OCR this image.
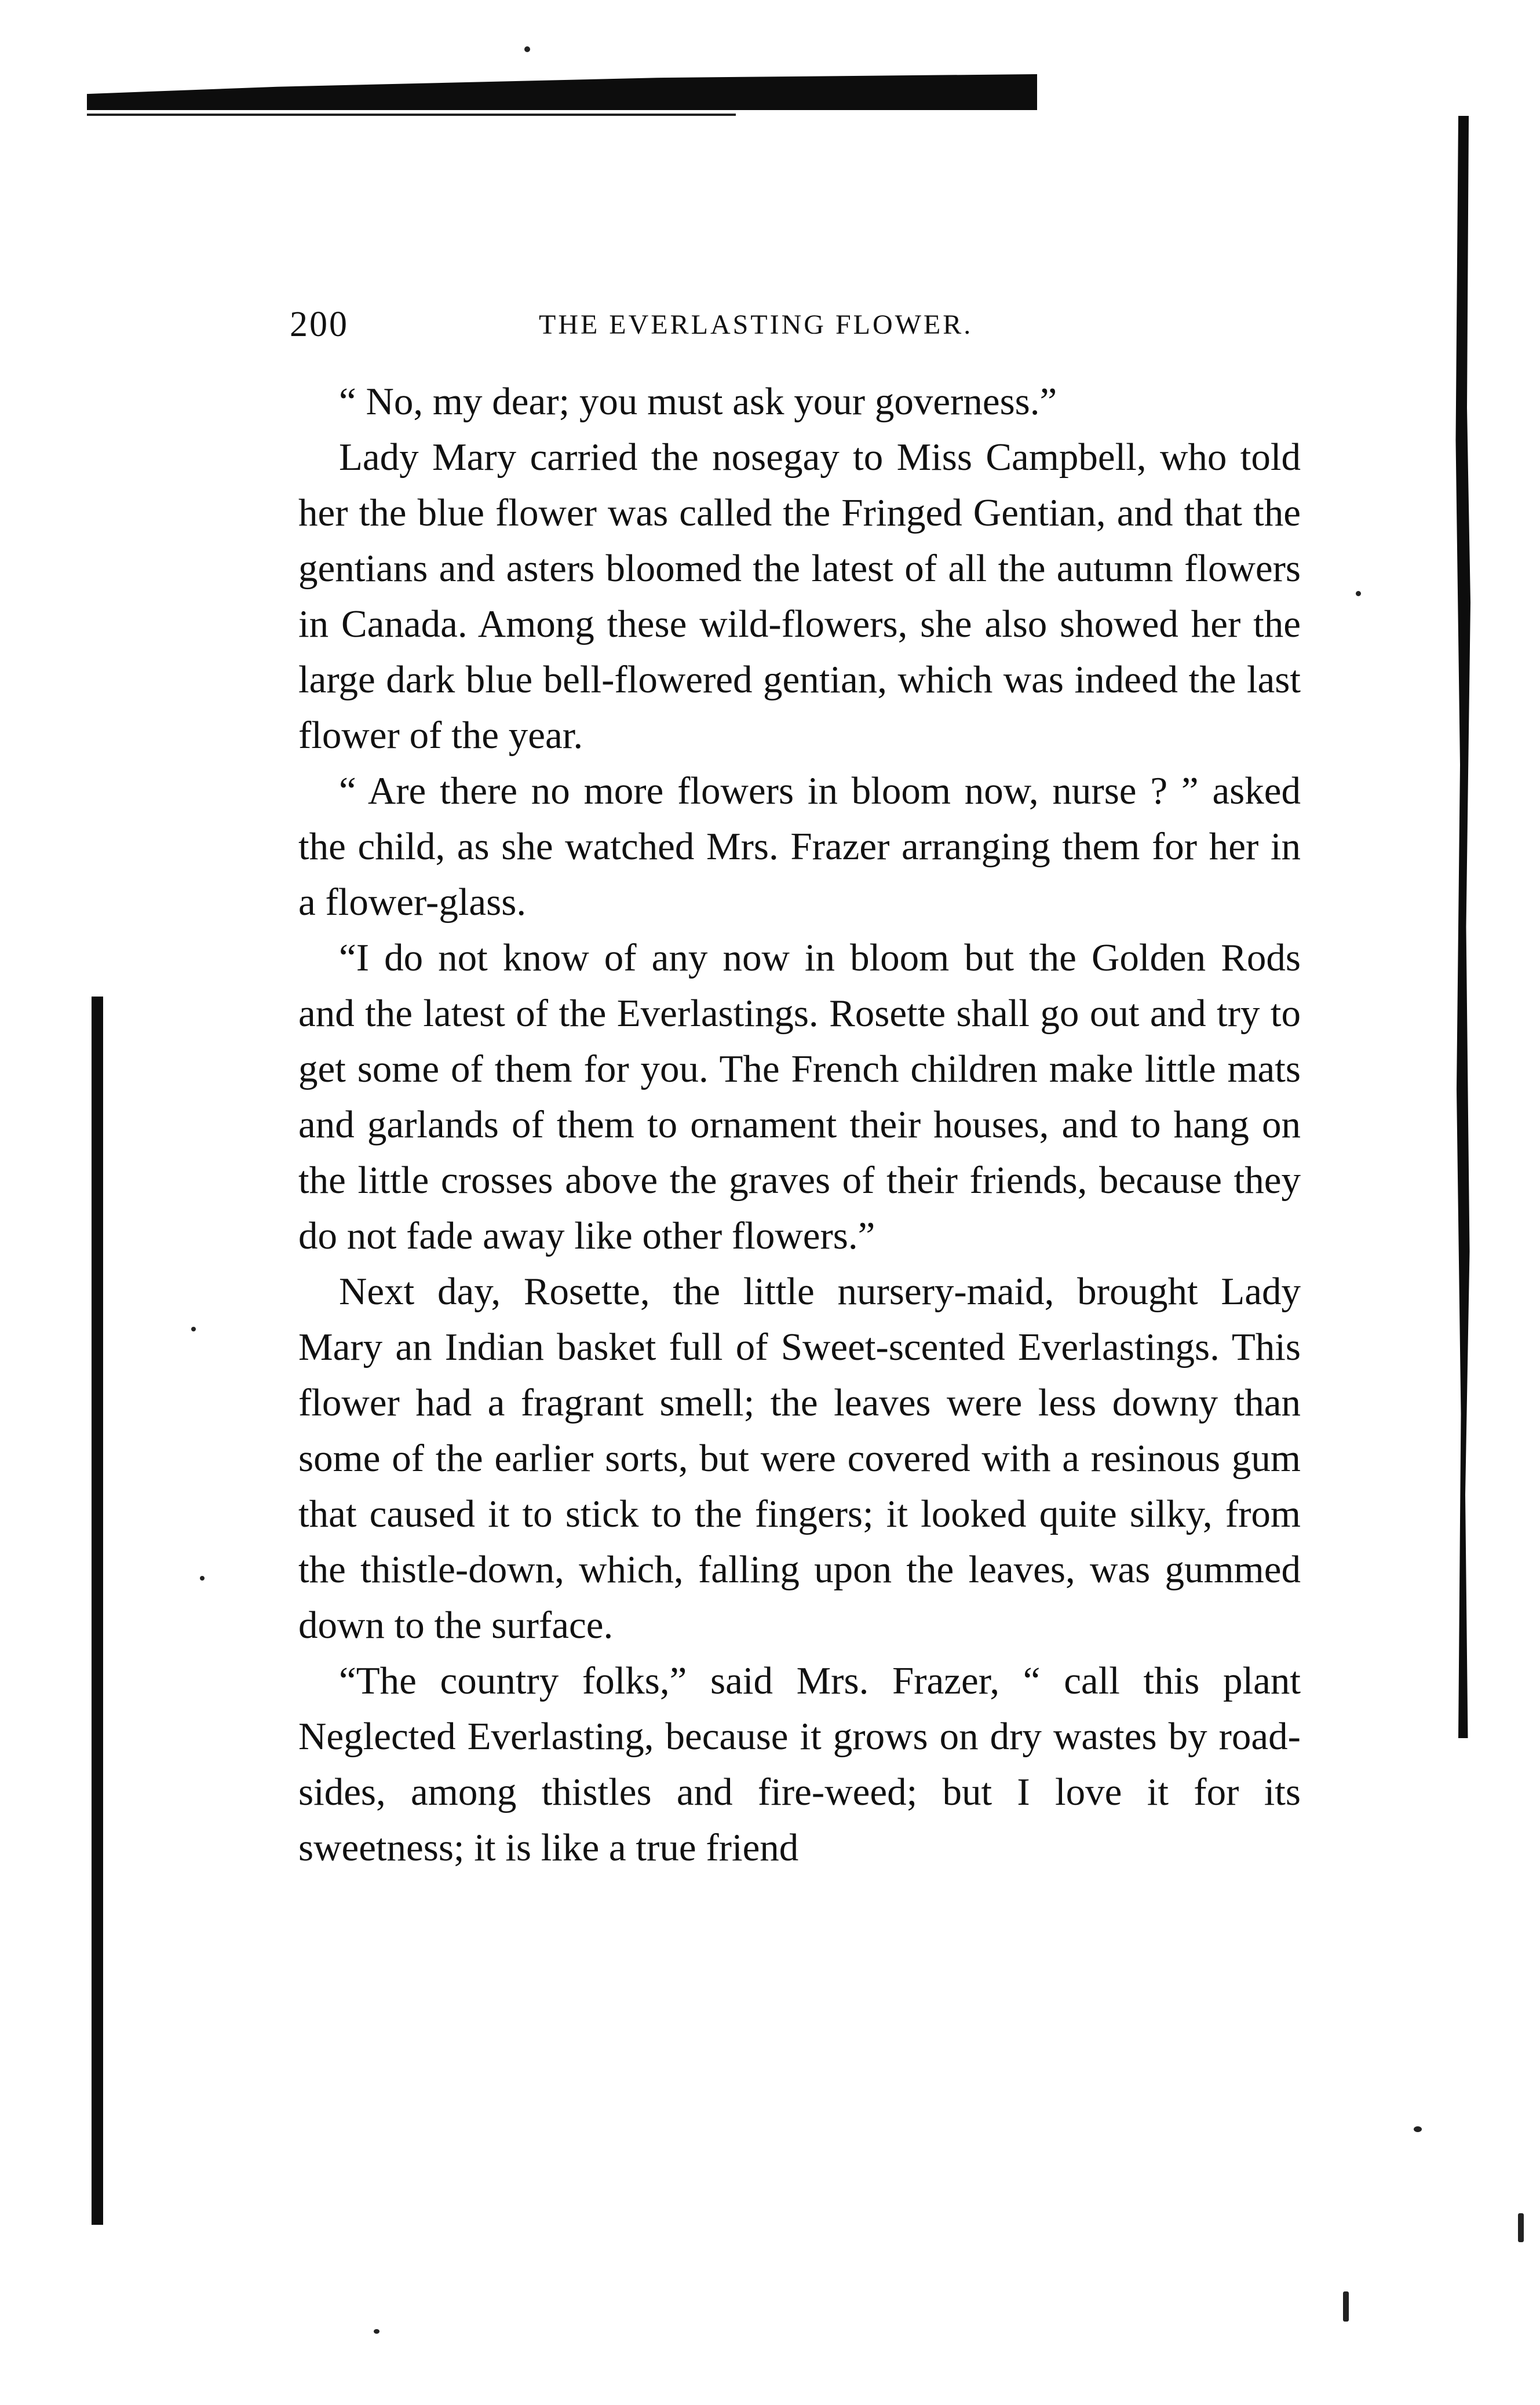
200	THE EVERLASTING FLOWER.

“ No, my dear; you must ask your governess.”

Lady Mary carried the nosegay to Miss Campbell, who told her the blue flower was called the Fringed Gentian, and that the gentians and asters bloomed the latest of all the autumn flowers in Canada. Among these wild-flowers, she also showed her the large dark blue bell-flowered gentian, which was indeed the last flower of the year.

“ Are there no more flowers in bloom now, nurse ? ” asked the child, as she watched Mrs. Frazer arranging them for her in a flower-glass.

“I do not know of any now in bloom but the Golden Rods and the latest of the Everlastings. Rosette shall go out and try to get some of them for you. The French children make little mats and garlands of them to ornament their houses, and to hang on the little crosses above the graves of their friends, because they do not fade away like other flowers.”

Next day, Rosette, the little nursery-maid, brought Lady Mary an Indian basket full of Sweet-scented Everlastings. This flower had a fragrant smell; the leaves were less downy than some of the earlier sorts, but were covered with a resinous gum that caused it to stick to the fingers; it looked quite silky, from the thistle-down, which, falling upon the leaves, was gummed down to the surface.

“The country folks,” said Mrs. Frazer, “ call this plant Neglected Everlasting, because it grows on dry wastes by road-sides, among thistles and fire-weed; but I love it for its sweetness; it is like a true friend
